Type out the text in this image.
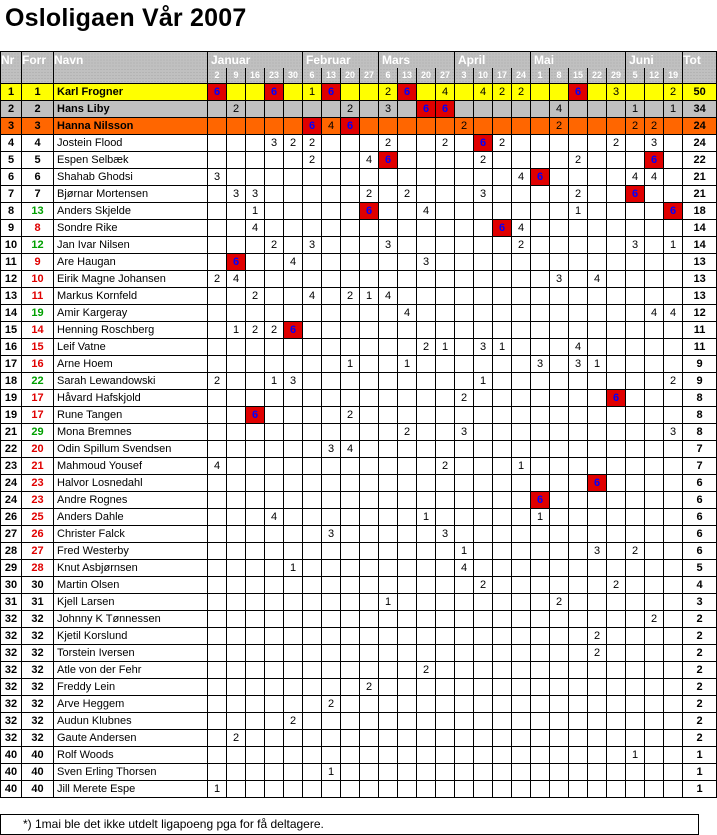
Osloligaen Vår 2007
Nr	Forr	Navn	Januar					Februar				Mars				April				Mai					Juni			Tot
			2	9	16	23	30	6	13	20	27	6	13	20	27	3	10	17	24	1	8	15	22	29	5	12	19	
1	1	Karl Frogner	6			6		1	6			2	6		4		4	2	2			6		3			2	50
2	2	Hans Liby		2						2		3		6	6						4				1		1	34
3	3	Hanna Nilsson						6	4	6						2					2				2	2		24
4	4	Jostein Flood				3	2	2				2			2		6	2						2		3		24
5	5	Espen Selbæk						2			4	6					2					2				6		22
6	6	Shahab Ghodsi	3																4	6					4	4		21
7	7	Bjørnar Mortensen		3	3						2		2				3					2			6			21
8	13	Anders Skjelde			1						6			4								1					6	18
9	8	Sondre Rike			4													6	4									14
10	12	Jan Ivar Nilsen				2		3				3							2						3		1	14
11	9	Are Haugan		6			4							3														13
12	10	Eirik Magne Johansen	2	4																	3		4					13
13	11	Markus Kornfeld			2			4		2	1	4																13
14	19	Amir Kargeray											4													4	4	12
15	14	Henning Roschberg		1	2	2	6																					11
16	15	Leif Vatne												2	1		3	1				4						11
17	16	Arne Hoem								1			1							3		3	1					9
18	22	Sarah Lewandowski	2			1	3										1										2	9
19	17	Håvard Hafskjold														2								6				8
19	17	Rune Tangen			6					2																		8
21	29	Mona Bremnes											2			3											3	8
22	20	Odin Spillum Svendsen							3	4																		7
23	21	Mahmoud Yousef	4												2				1									7
24	23	Halvor Losnedahl																					6					6
24	23	Andre Rognes																		6								6
26	25	Anders Dahle				4								1						1								6
27	26	Christer Falck							3						3													6
28	27	Fred Westerby														1							3		2			6
29	28	Knut Asbjørnsen					1									4												5
30	30	Martin Olsen															2							2				4
31	31	Kjell Larsen										1									2							3
32	32	Johnny K Tønnessen																								2		2
32	32	Kjetil Korslund																					2					2
32	32	Torstein Iversen																					2					2
32	32	Atle von der Fehr												2														2
32	32	Freddy Lein									2																	2
32	32	Arve Heggem							2																			2
32	32	Audun Klubnes					2																					2
32	32	Gaute Andersen		2																								2
40	40	Rolf Woods																							1			1
40	40	Sven Erling Thorsen							1																			1
40	40	Jill Merete Espe	1																									1
*) 1mai ble det ikke utdelt ligapoeng pga for få deltagere.
